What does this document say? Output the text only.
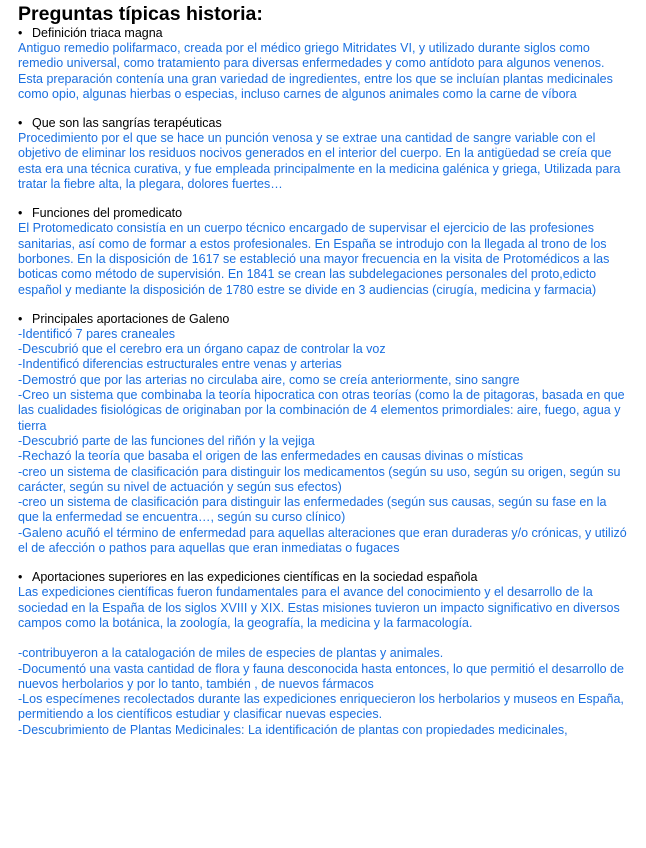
Preguntas típicas historia:
• Definición triaca magna
Antiguo remedio polifarmaco, creada por el médico griego Mitridates VI, y utilizado durante siglos como remedio universal, como tratamiento para diversas enfermedades y como antídoto para algunos venenos. Esta preparación contenía una gran variedad de ingredientes, entre los que se incluían plantas medicinales como opio, algunas hierbas o especias, incluso carnes de algunos animales como la carne de víbora
• Que son las sangrías terapéuticas
Procedimiento por el que se hace un punción venosa y se extrae una cantidad de sangre variable con el objetivo de eliminar los residuos nocivos generados en el interior del cuerpo. En la antigüedad se creía que esta era una técnica curativa, y fue empleada principalmente en la medicina galénica y griega, Utilizada para tratar la fiebre alta, la plegara, dolores fuertes…
• Funciones del promedicato
El Protomedicato consistía en un cuerpo técnico encargado de supervisar el ejercicio de las profesiones sanitarias, así como de formar a estos profesionales. En España se introdujo con la llegada al trono de los borbones. En la disposición de 1617 se estableció una mayor frecuencia en la visita de Protomédicos a las boticas como método de supervisión. En 1841 se crean las subdelegaciones personales del proto,edicto español y mediante la disposición de 1780 estre se divide en 3 audiencias (cirugía, medicina y farmacia)
• Principales aportaciones de Galeno

-Identificó 7 pares craneales

-Descubrió que el cerebro era un órgano capaz de controlar la voz

-Indentificó diferencias estructurales entre venas y arterias

-Demostró que por las arterias no circulaba aire, como se creía anteriormente, sino sangre

-Creo un sistema que combinaba la teoría hipocratica con otras teorías (como la de pitagoras, basada en que las cualidades fisiológicas de originaban por la combinación de 4 elementos primordiales: aire, fuego, agua y tierra

-Descubrió parte de las funciones del riñón y la vejiga

-Rechazó la teoría que basaba el origen de las enfermedades en causas divinas o místicas

-creo un sistema de clasificación para distinguir los medicamentos (según su uso, según su origen, según su carácter, según su nivel de actuación y según sus efectos)

-creo un sistema de clasificación para distinguir las enfermedades (según sus causas, según su fase en la que la enfermedad se encuentra…, según su curso clínico)

-Galeno acuñó el término de enfermedad para aquellas alteraciones que eran duraderas y/o crónicas, y utilizó el de afección o pathos para aquellas que eran inmediatas o fugaces

• Aportaciones superiores en las expediciones científicas en la sociedad española
Las expediciones científicas fueron fundamentales para el avance del conocimiento y el desarrollo de la sociedad en la España de los siglos XVIII y XIX. Estas misiones tuvieron un impacto significativo en diversos campos como la botánica, la zoología, la geografía, la medicina y la farmacología.

-contribuyeron a la catalogación de miles de especies de plantas y animales.

-Documentó una vasta cantidad de flora y fauna desconocida hasta entonces, lo que permitió el desarrollo de nuevos herbolarios y por lo tanto, también , de nuevos fármacos

-Los especímenes recolectados durante las expediciones enriquecieron los herbolarios y museos en España, permitiendo a los científicos estudiar y clasificar nuevas especies.

-Descubrimiento de Plantas Medicinales: La identificación de plantas con propiedades medicinales,
